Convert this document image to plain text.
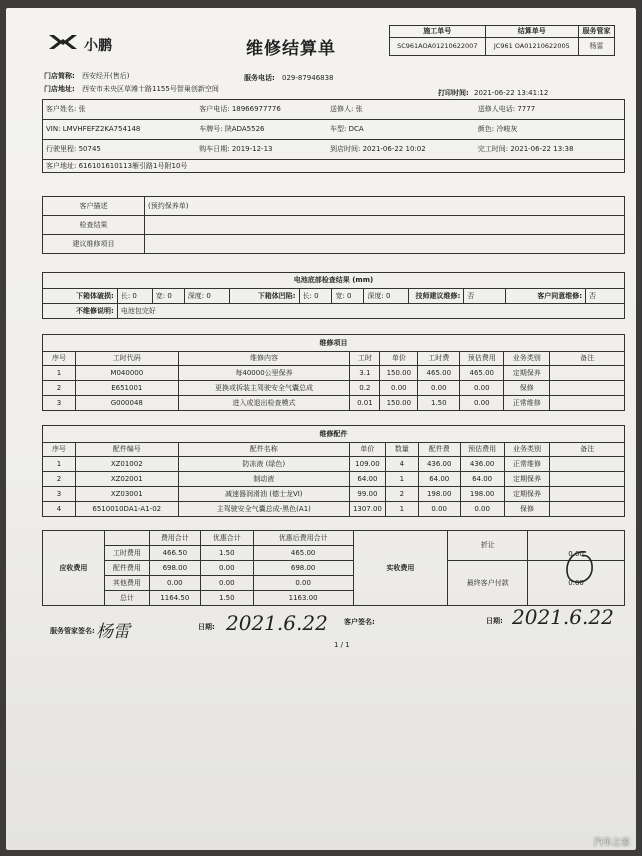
小鹏	维修结算单
施工单号	结算单号	服务管家
SC961AOA01210622007	JC961 OA01210622005	杨雷
门店简称: 西安经开(售后)	服务电话: 029-87946838
门店地址: 西安市未央区草滩十路1155号智巢创新空间	打印时间: 2021-06-22 13:41:12
客户姓名: 张	客户电话: 18966977776	送修人: 张	送修人电话: 7777
VIN: LMVHFEFZ2KA754148	车牌号: 陕ADA5526	车型: DCA	颜色: 冷峻灰
行驶里程: 50745	购车日期: 2019-12-13	到店时间: 2021-06-22 10:02	完工时间: 2021-06-22 13:38
客户地址: 616101610113雁引路1号附10号			
客户描述	(预约保养单)
检查结果	
建议维修项目	
电池底部检查结果 (mm)											
下箱体破损:	长: 0	宽: 0	深度: 0	下箱体凹陷:	长: 0	宽: 0	深度: 0	技师建议维修:	否	客户同意维修:	否
不维修说明:	电池包完好										
维修项目								
序号	工时代码	维修内容	工时	单价	工时费	预估费用	业务类别	备注
1	M040000	每40000公里保养	3.1	150.00	465.00	465.00	定期保养	
2	E651001	更换或拆装主驾驶安全气囊总成	0.2	0.00	0.00	0.00	保修	
3	G000048	进入或退出检查模式	0.01	150.00	1.50	0.00	正常维修	
维修配件								
序号	配件编号	配件名称	单价	数量	配件费	预估费用	业务类别	备注
1	XZ01002	防冻液 (绿色)	109.00	4	436.00	436.00	正常维修	
2	XZ02001	制动液	64.00	1	64.00	64.00	定期保养	
3	XZ03001	减速器润滑油 (德士龙VI)	99.00	2	198.00	198.00	定期保养	
4	6510010DA1-A1-02	主驾驶安全气囊总成-黑色(A1)	1307.00	1	0.00	0.00	保修	
应收费用		费用合计	优惠合计	优惠后费用合计	实收费用	折让	0.00
	工时费用	466.50	1.50	465.00			
	配件费用	698.00	0.00	698.00		最终客户付款	0.00
	其他费用	0.00	0.00	0.00			
	总计	1164.50	1.50	1163.00			
服务管家签名: 杨雷	日期: 2021.6.22 客户签名:	日期: 2021.6.22
1 / 1
汽车之家
